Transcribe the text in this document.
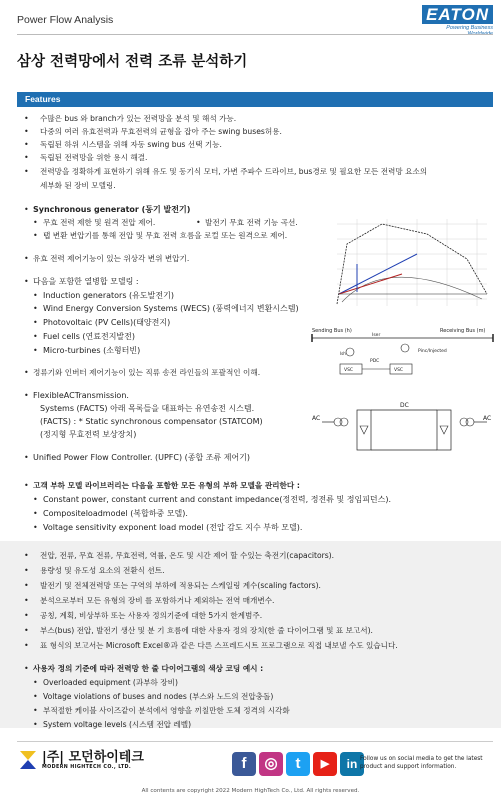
Power Flow Analysis	EATON
Powering Business
삼상 전력망에서 전력 조류 분석하기
Features
• 수많은 bus 와 branch가 있는 전력망을 분석 및 해석 가능.
• 다중의 여러 유효전력과 무효전력의 균형을 잡아 주는 swing buses허용.
• 독립된 하위 시스템을 위해 자동 swing bus 선택 기능.
• 독립된 전력망을 위한 용시 해결.
• 전력망을 정확하게 표현하기 위해 유도 및 동기식 모터, 가변 주파수 드라이브, bus경로 및 필요한 모든 전력망 요소의
세부화 된 장비 모델링.
• Synchronous generator (동기 발전기)
• 무효 전력 제한 및 원격 전압 제어.	• 발전기 무효 전력 기능 곡선.
• 탭 변환 변압기를 통해 전압 및 무효 전력 흐름을 로컬 또는 원격으로 제어.
• 유효 전력 제어기능이 있는 위상각 변위 변압기.
• 다음을 포함한 열병합 모델링 :
• Induction generators (유도발전기)
• Wind Energy Conversion Systems (WECS) (풍력에너지 변환시스템)
• Photovoltaic (PV Cells)(태양전지)
• Fuel cells (연료전지발전)
• Micro-turbines (소형터빈)
• 정류기와 인버터 제어기능이 있는 직류 송전 라인들의 포괄적인 이해.
• FlexibleACTransmission.
Systems (FACTS) 아래 목록들을 대표하는 유연송전 시스템.
(FACTS) : * Static synchronous compensator (STATCOM)
(정지형 무효전력 보상장치)
• Unified Power Flow Controller. (UPFC) (종합 조류 제어기)
• 고객 부하 모델 라이브러리는 다음을 포함한 모든 유형의 부하 모델을 관리한다 :
• Constant power, constant current and constant impedance(정전력, 정전류 및 정임피던스).
• Compositeloadmodel (복합하중 모델).
• Voltage sensitivity exponent load model (전압 감도 지수 부하 모델).
• 전압, 전류, 무효 전류, 무효전력, 역률, 온도 및 시간 제어 할 수있는 축전기(capacitors).
• 용량성 및 유도성 요소의 전환식 션트.
• 발전기 및 전체전력망 또는 구역의 부하에 적용되는 스케일링 계수(scaling factors).
• 분석으로부터 모든 유형의 장비 를 포함하거나 제외하는 전역 매개변수.
• 공칭, 계획, 비상부하 또는 사용자 정의기준에 대한 5가지 한계범주.
• 부스(bus) 전압, 발전기 생산 및 분 기 흐름에 대한 사용자 정의 장치(한 줄 다이어그램 및 표 보고서).
• 표 형식의 보고서는 Microsoft Excel®과 같은 다른 스프레드시트 프로그램으로 직접 내보낼 수도 있습니다.
• 사용자 정의 기준에 따라 전력망 한 줄 다이어그램의 색상 코딩 예시 :
• Overloaded equipment (과부하 장비)
• Voltage violations of buses and nodes (부스와 노드의 전압충돌)
• 부적절한 케이블 사이즈같이 분석에서 영향을 끼칠만한 도체 정격의 시각화
• System voltage levels (시스템 전압 레벨)
Sending Bus (h)	Receiving Bus (m)
Iser
Ish
VSC	VSC
PDC
Pinc/Injected
DC
AC	AC
|주| 모던하이테크
MODERN HIGHTECH CO., LTD.	f	◎	t	▶	in Follow us on social media to get the latest product and support information.
All contents are copyright 2022 Modern HighTech Co., Ltd. All rights reserved.
